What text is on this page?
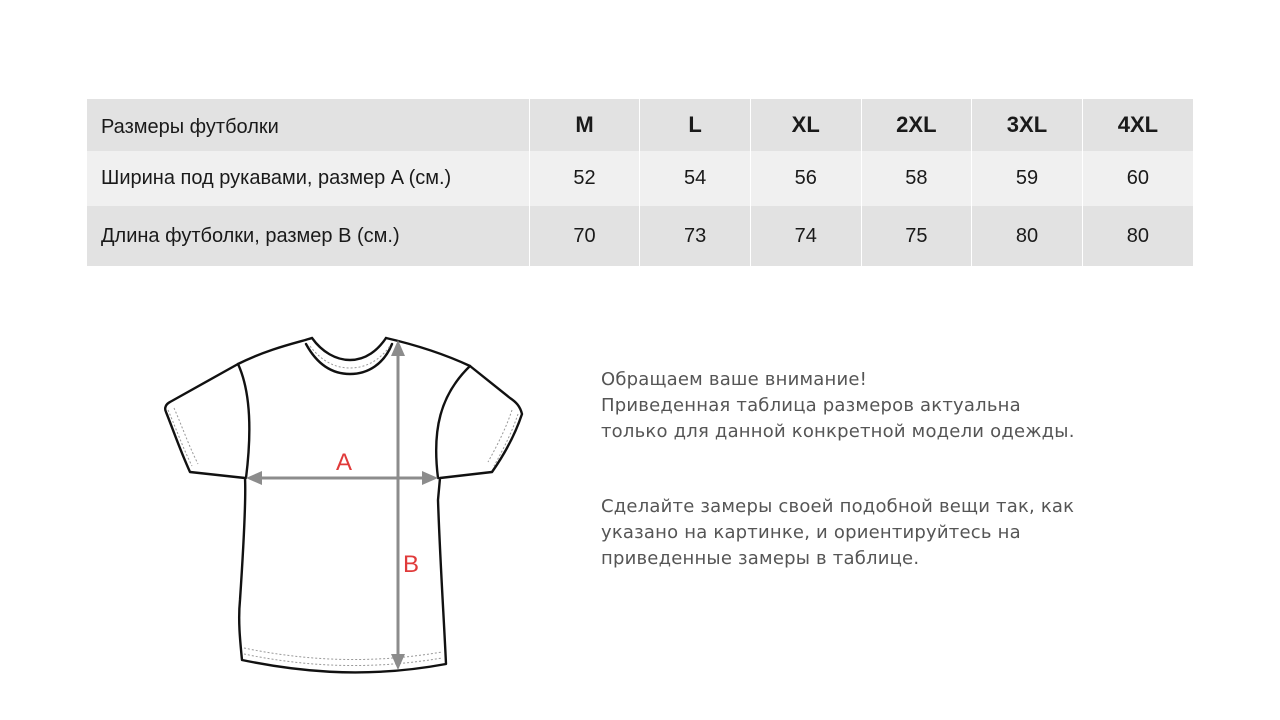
Размеры футболки	M	L	XL	2XL	3XL	4XL
Ширина под рукавами, размер A (см.)	52	54	56	58	59	60
Длина футболки, размер B (см.)	70	73	74	75	80	80
A
B

Обращаем ваше внимание!

Приведенная таблица размеров актуальна

только для данной конкретной модели одежды.

Сделайте замеры своей подобной вещи так, как

указано на картинке, и ориентируйтесь на

приведенные замеры в таблице.
